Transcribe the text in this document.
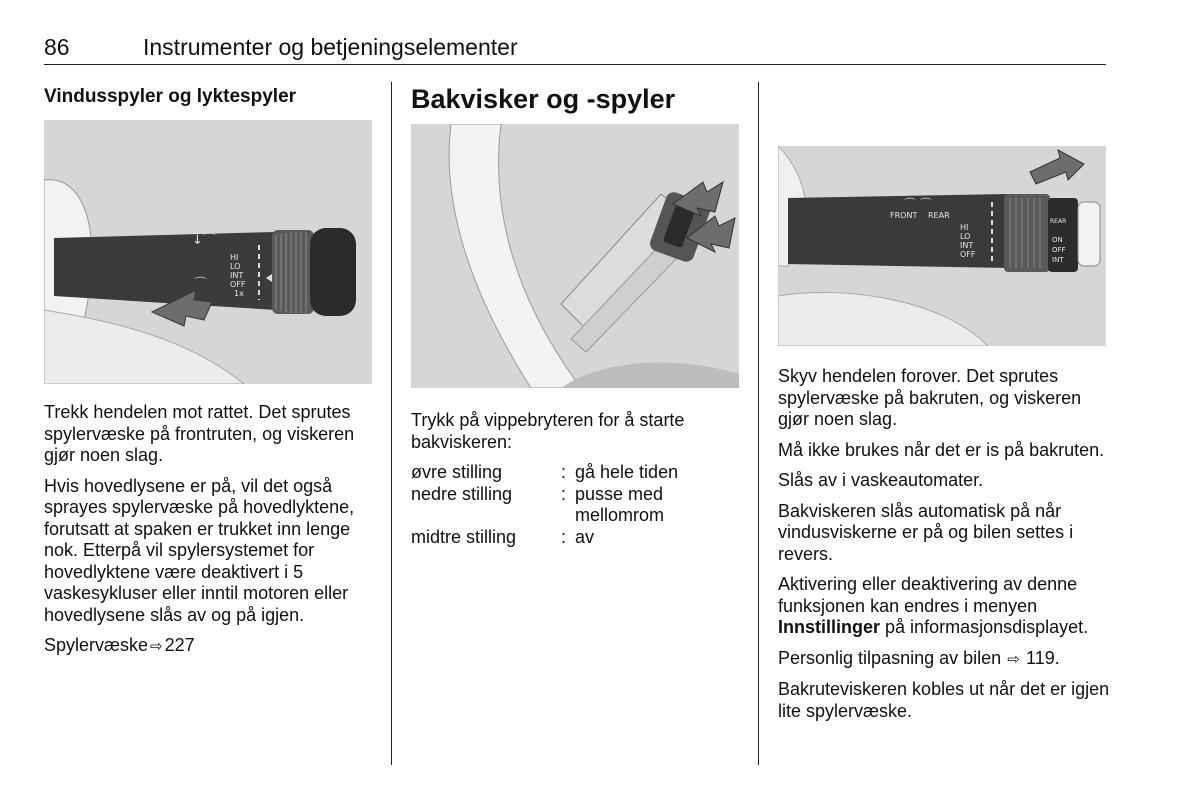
86	Instrumenter og betjeningselementer
Vindusspyler og lyktespyler
↓⌒
⌒
HI
LO
INT
OFF
1x

Trekk hendelen mot rattet. Det sprutes spylervæske på frontruten, og viskeren gjør noen slag.

Hvis hovedlysene er på, vil det også sprayes spylervæske på hovedlyktene, forutsatt at spaken er trukket inn lenge nok. Etterpå vil spylersystemet for hovedlyktene være deaktivert i 5 vaskesykluser eller inntil motoren eller hovedlysene slås av og på igjen.

Spylervæske ⇨ 227

Bakvisker og -spyler
Trykk på vippebryteren for å starte bakviskeren:
øvre stilling	:	gå hele tiden
nedre stilling	:	pusse med mellomrom
midtre stilling	:	av
FRONT REAR
HI
LO
INT
OFF
REAR
ON
OFF
INT
⌒ ⌒

Skyv hendelen forover. Det sprutes spylervæske på bakruten, og viskeren gjør noen slag.

Må ikke brukes når det er is på bakruten.

Slås av i vaskeautomater.

Bakviskeren slås automatisk på når vindusviskerne er på og bilen settes i revers.

Aktivering eller deaktivering av denne funksjonen kan endres i menyen Innstillinger på informasjonsdisplayet.

Personlig tilpasning av bilen ⇨ 119.

Bakruteviskeren kobles ut når det er igjen lite spylervæske.
